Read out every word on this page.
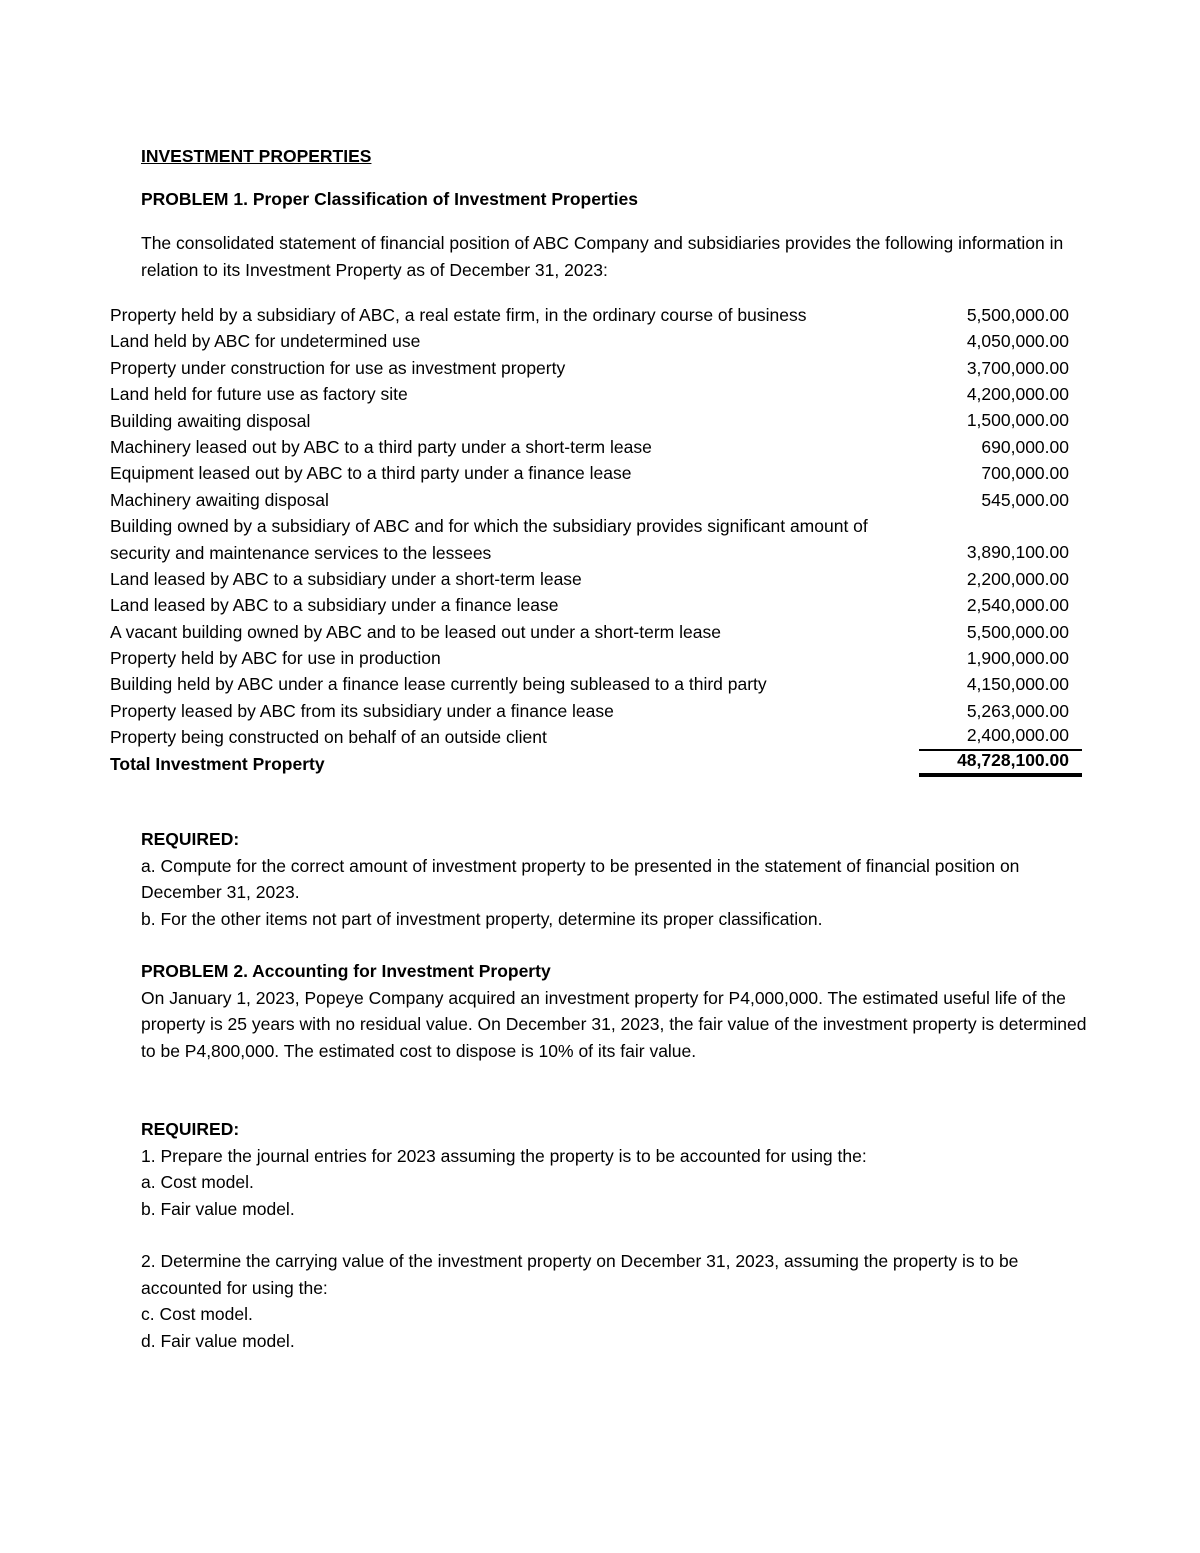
INVESTMENT PROPERTIES
PROBLEM 1. Proper Classification of Investment Properties

The consolidated statement of financial position of ABC Company and subsidiaries provides the following information in relation to its Investment Property as of December 31, 2023:

Property held by a subsidiary of ABC, a real estate firm, in the ordinary course of business	5,500,000.00
Land held by ABC for undetermined use	4,050,000.00
Property under construction for use as investment property	3,700,000.00
Land held for future use as factory site	4,200,000.00
Building awaiting disposal	1,500,000.00
Machinery leased out by ABC to a third party under a short-term lease	690,000.00
Equipment leased out by ABC to a third party under a finance lease	700,000.00
Machinery awaiting disposal	545,000.00
Building owned by a subsidiary of ABC and for which the subsidiary provides significant amount of security and maintenance services to the lessees	3,890,100.00
Land leased by ABC to a subsidiary under a short-term lease	2,200,000.00
Land leased by ABC to a subsidiary under a finance lease	2,540,000.00
A vacant building owned by ABC and to be leased out under a short-term lease	5,500,000.00
Property held by ABC for use in production	1,900,000.00
Building held by ABC under a finance lease currently being subleased to a third party	4,150,000.00
Property leased by ABC from its subsidiary under a finance lease	5,263,000.00
Property being constructed on behalf of an outside client	2,400,000.00
Total Investment Property	48,728,100.00

REQUIRED:

a. Compute for the correct amount of investment property to be presented in the statement of financial position on December 31, 2023.

b. For the other items not part of investment property, determine its proper classification.

PROBLEM 2. Accounting for Investment Property

On January 1, 2023, Popeye Company acquired an investment property for P4,000,000. The estimated useful life of the property is 25 years with no residual value. On December 31, 2023, the fair value of the investment property is determined to be P4,800,000. The estimated cost to dispose is 10% of its fair value.

REQUIRED:

1. Prepare the journal entries for 2023 assuming the property is to be accounted for using the:

a. Cost model.

b. Fair value model.

2. Determine the carrying value of the investment property on December 31, 2023, assuming the property is to be accounted for using the:

c. Cost model.

d. Fair value model.
